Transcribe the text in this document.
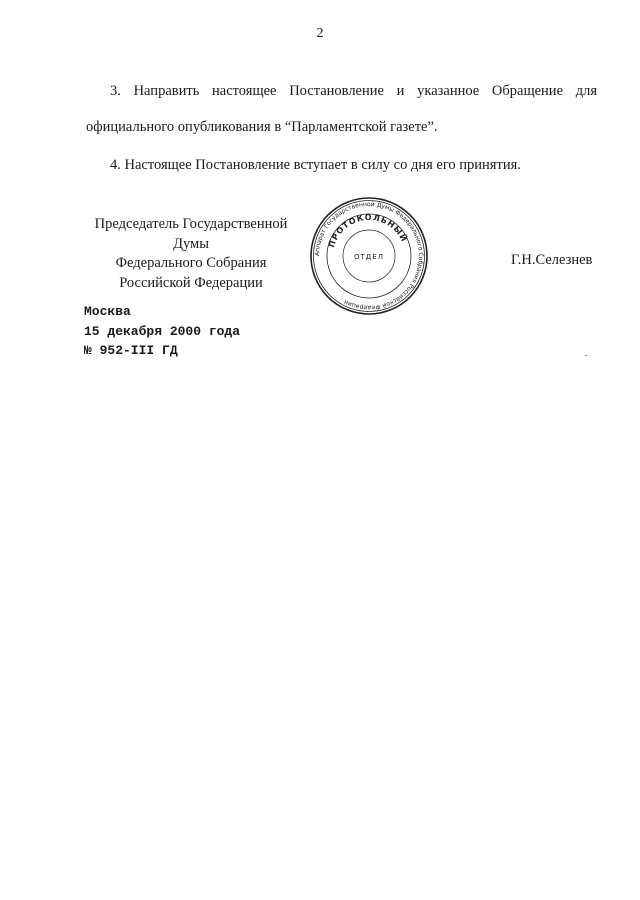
2
3. Направить настоящее Постановление и указанное Обращение для
официального опубликования в “Парламентской газете”.
4. Настоящее Постановление вступает в силу со дня его принятия.
Председатель Государственной Думы
Федерального Собрания
Российской Федерации
Аппарат Государственной Думы Федерального Собрания Российской Федерации
ПРОТОКОЛЬНЫЙ
ОТДЕЛ	Г.Н.Селезнев
Москва
15 декабря 2000 года
№ 952-III ГД
